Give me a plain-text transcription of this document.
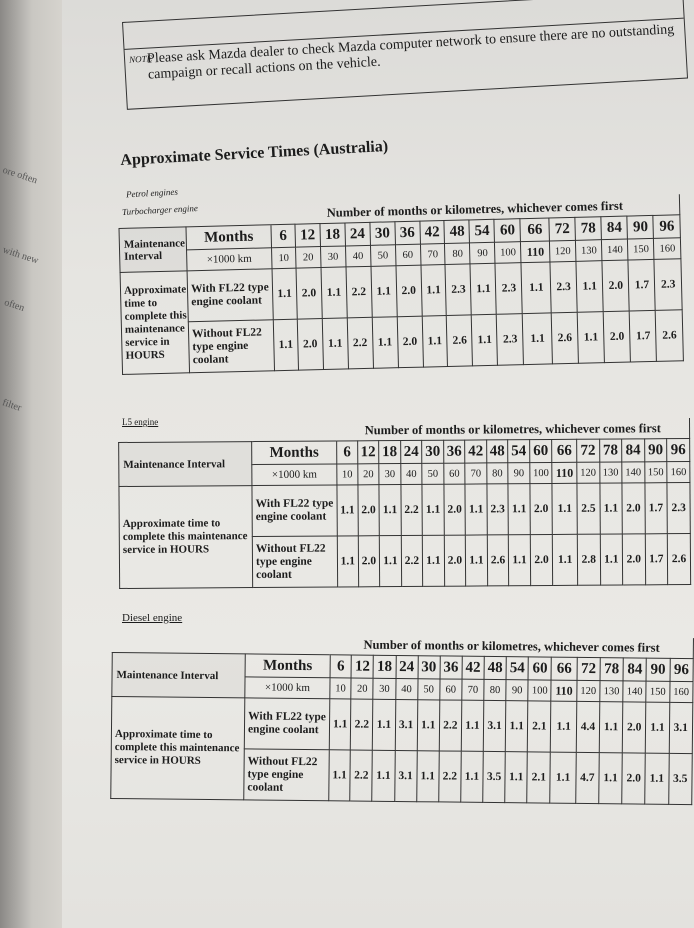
ore often
with new
often
filter
NOTE
Please ask Mazda dealer to check Mazda computer network to ensure there are no outstanding campaign or recall actions on the vehicle.
Approximate Service Times (Australia)
Petrol engines
Turbocharger engine
		Number of months or kilometres, whichever comes first															
Maintenance Interval	Months	6	12	18	24	30	36	42	48	54	60	66	72	78	84	90	96
	×1000 km	10	20	30	40	50	60	70	80	90	100	110	120	130	140	150	160
Approximate time to complete this maintenance service in HOURS	With FL22 type engine coolant	1.1	2.0	1.1	2.2	1.1	2.0	1.1	2.3	1.1	2.3	1.1	2.3	1.1	2.0	1.7	2.3
	Without FL22 type engine coolant	1.1	2.0	1.1	2.2	1.1	2.0	1.1	2.6	1.1	2.3	1.1	2.6	1.1	2.0	1.7	2.6
L5 engine
		Number of months or kilometres, whichever comes first															
Maintenance Interval	Months	6	12	18	24	30	36	42	48	54	60	66	72	78	84	90	96
	×1000 km	10	20	30	40	50	60	70	80	90	100	110	120	130	140	150	160
Approximate time to complete this maintenance service in HOURS	With FL22 type engine coolant	1.1	2.0	1.1	2.2	1.1	2.0	1.1	2.3	1.1	2.0	1.1	2.5	1.1	2.0	1.7	2.3
	Without FL22 type engine coolant	1.1	2.0	1.1	2.2	1.1	2.0	1.1	2.6	1.1	2.0	1.1	2.8	1.1	2.0	1.7	2.6
Diesel engine
		Number of months or kilometres, whichever comes first															
Maintenance Interval	Months	6	12	18	24	30	36	42	48	54	60	66	72	78	84	90	96
	×1000 km	10	20	30	40	50	60	70	80	90	100	110	120	130	140	150	160
Approximate time to complete this maintenance service in HOURS	With FL22 type engine coolant	1.1	2.2	1.1	3.1	1.1	2.2	1.1	3.1	1.1	2.1	1.1	4.4	1.1	2.0	1.1	3.1
	Without FL22 type engine coolant	1.1	2.2	1.1	3.1	1.1	2.2	1.1	3.5	1.1	2.1	1.1	4.7	1.1	2.0	1.1	3.5
